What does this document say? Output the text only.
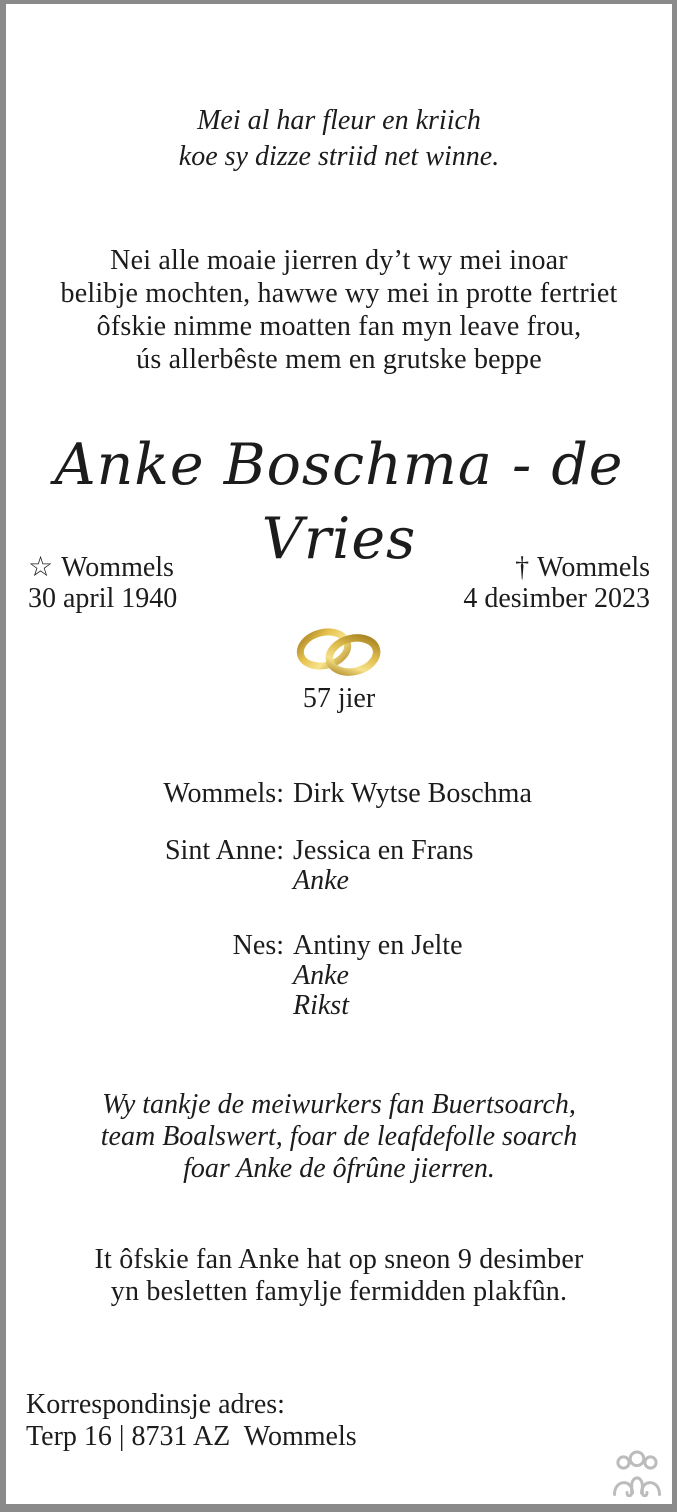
Mei al har fleur en kriich
koe sy dizze striid net winne.
Nei alle moaie jierren dy’t wy mei inoar
belibje mochten, hawwe wy mei in protte fertriet
ôfskie nimme moatten fan myn leave frou,
ús allerbêste mem en grutske beppe
Anke Boschma - de Vries
☆ Wommels
30 april 1940
† Wommels
4 desimber 2023
57 jier
Wommels: Dirk Wytse Boschma
Sint Anne: Jessica en Frans
Anke
Nes: Antiny en Jelte
Anke
Rikst
Wy tankje de meiwurkers fan Buertsoarch,
team Boalswert, foar de leafdefolle soarch
foar Anke de ôfrûne jierren.
It ôfskie fan Anke hat op sneon 9 desimber
yn besletten famylje fermidden plakfûn.
Korrespondinsje adres:
Terp 16 | 8731 AZ  Wommels
